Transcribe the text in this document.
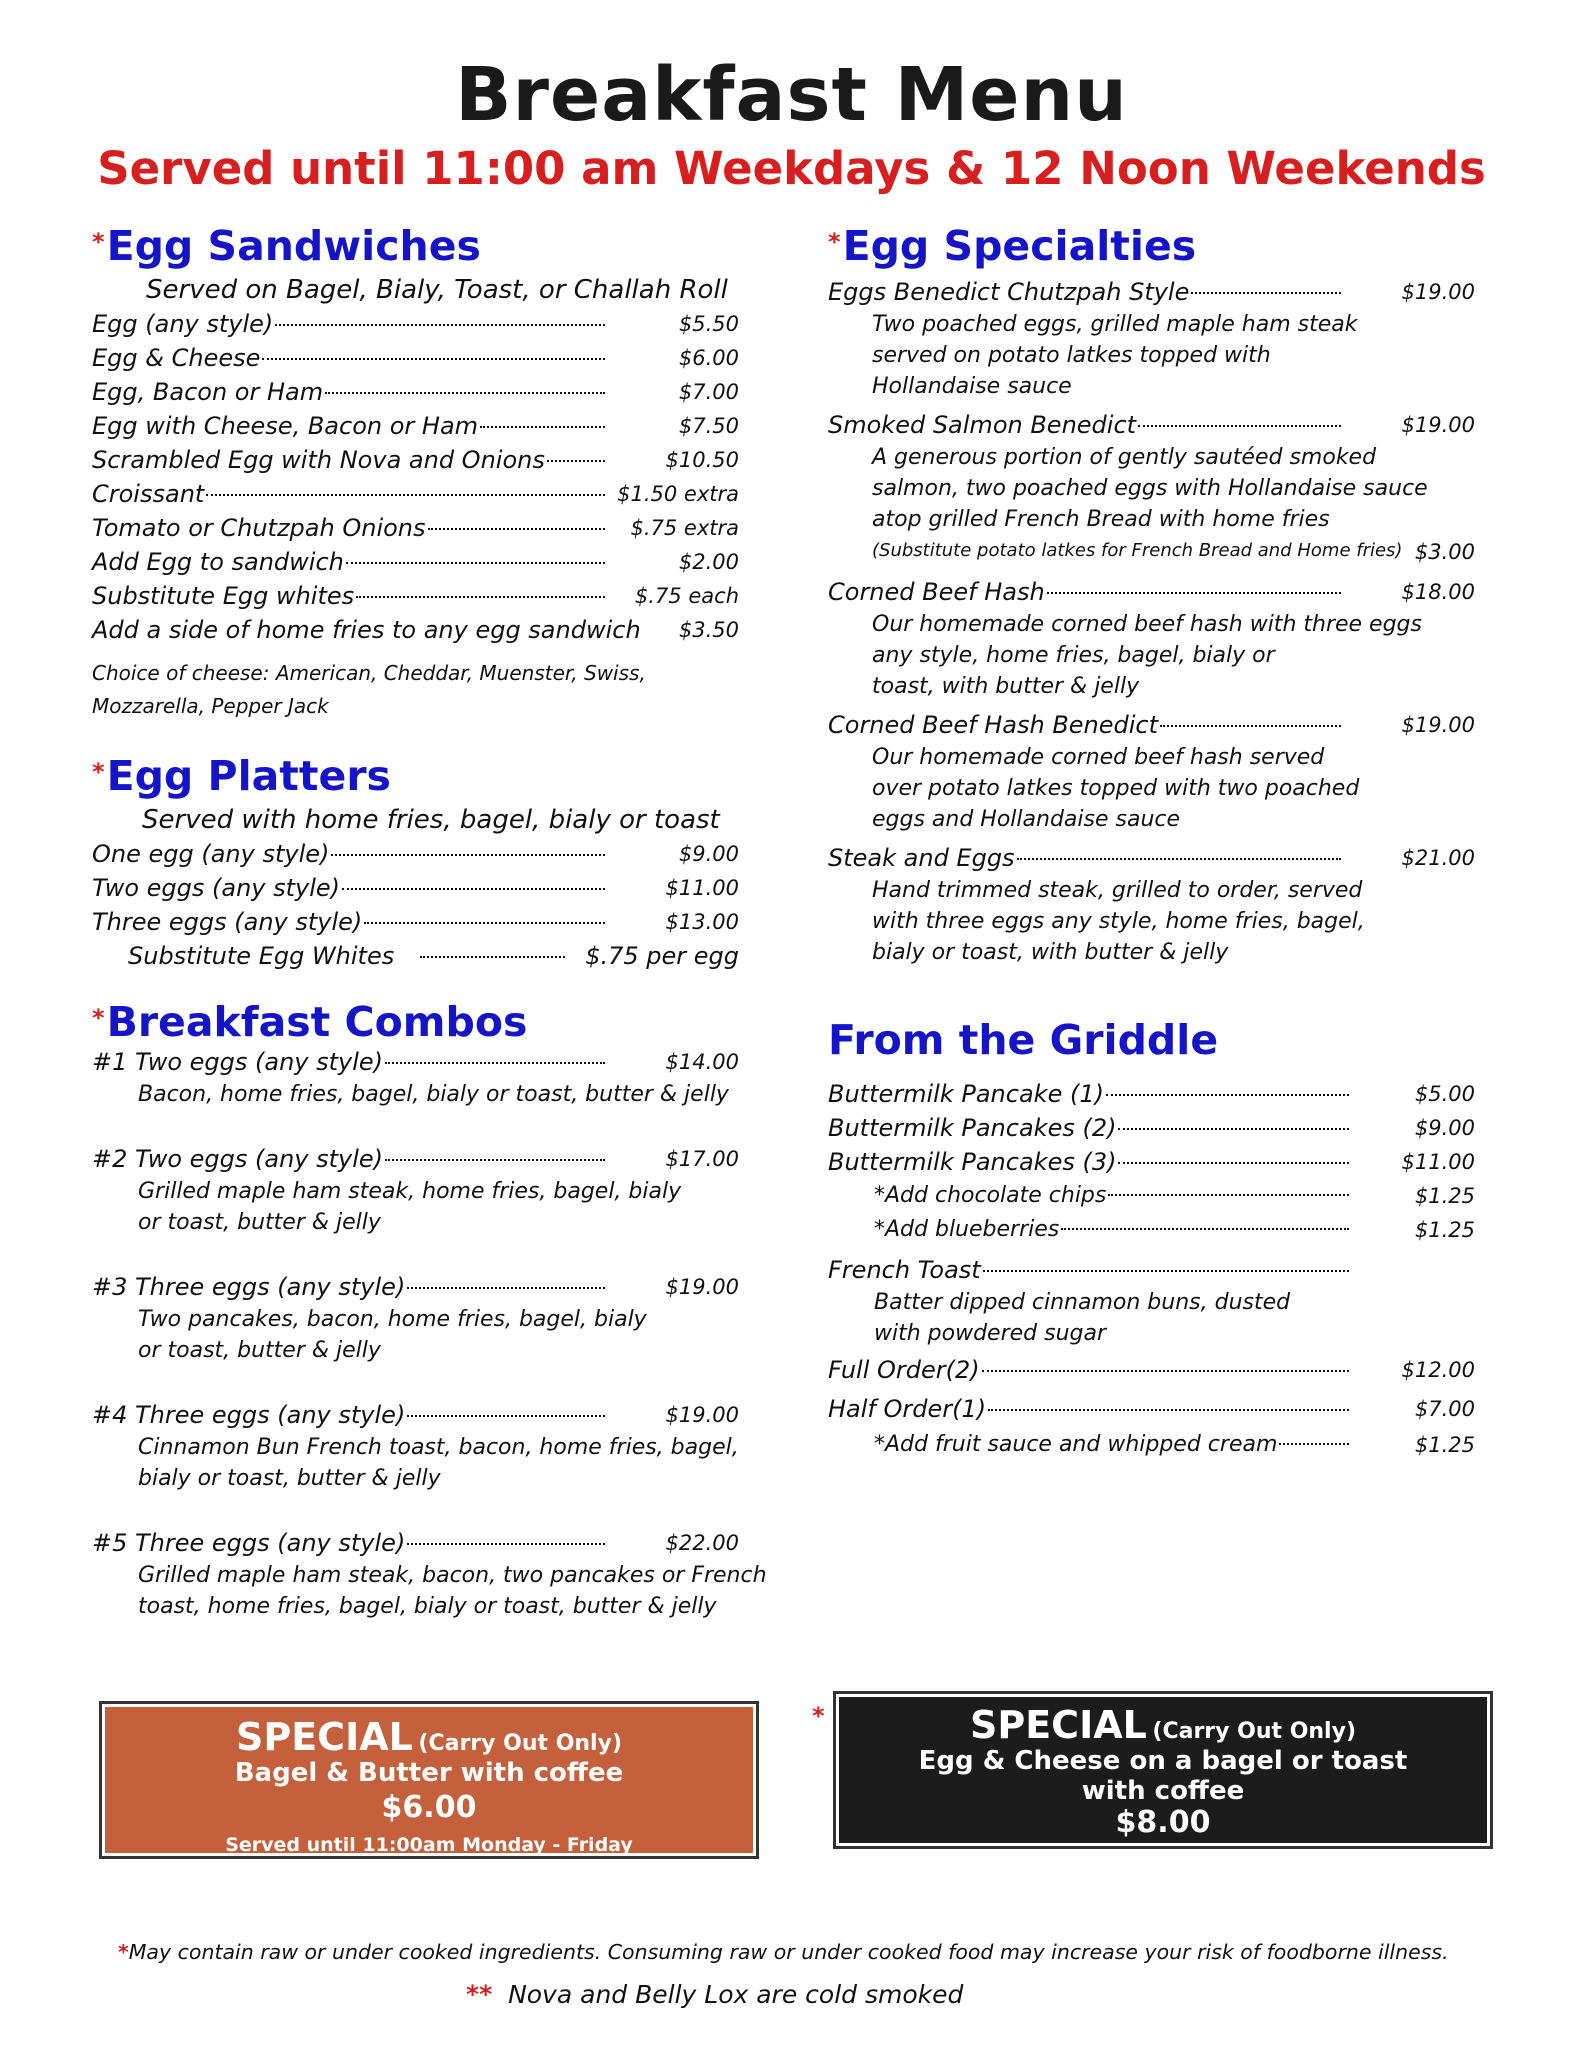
Breakfast Menu
Served until 11:00 am Weekdays & 12 Noon Weekends
*Egg Sandwiches
Served on Bagel, Bialy, Toast, or Challah Roll
Egg (any style)	$5.50
Egg & Cheese	$6.00
Egg, Bacon or Ham	$7.00
Egg with Cheese, Bacon or Ham	$7.50
Scrambled Egg with Nova and Onions	$10.50
Croissant	$1.50 extra
Tomato or Chutzpah Onions	$.75 extra
Add Egg to sandwich	$2.00
Substitute Egg whites	$.75 each
Add a side of home fries to any egg sandwich $3.50
Choice of cheese: American, Cheddar, Muenster, Swiss,
Mozzarella, Pepper Jack
*Egg Platters
Served with home fries, bagel, bialy or toast
One egg (any style)	$9.00
Two eggs (any style)	$11.00
Three eggs (any style)	$13.00
Substitute Egg Whites	$.75 per egg
*Breakfast Combos
#1 Two eggs (any style)	$14.00
Bacon, home fries, bagel, bialy or toast, butter & jelly
#2 Two eggs (any style)	$17.00
Grilled maple ham steak, home fries, bagel, bialy
or toast, butter & jelly
#3 Three eggs (any style)	$19.00
Two pancakes, bacon, home fries, bagel, bialy
or toast, butter & jelly
#4 Three eggs (any style)	$19.00
Cinnamon Bun French toast, bacon, home fries, bagel,
bialy or toast, butter & jelly
#5 Three eggs (any style)	$22.00
Grilled maple ham steak, bacon, two pancakes or French
toast, home fries, bagel, bialy or toast, butter & jelly
*Egg Specialties
Eggs Benedict Chutzpah Style	$19.00
Two poached eggs, grilled maple ham steak
served on potato latkes topped with
Hollandaise sauce
Smoked Salmon Benedict	$19.00
A generous portion of gently sautéed smoked
salmon, two poached eggs with Hollandaise sauce
atop grilled French Bread with home fries
(Substitute potato latkes for French Bread and Home fries) $3.00
Corned Beef Hash	$18.00
Our homemade corned beef hash with three eggs
any style, home fries, bagel, bialy or
toast, with butter & jelly
Corned Beef Hash Benedict	$19.00
Our homemade corned beef hash served
over potato latkes topped with two poached
eggs and Hollandaise sauce
Steak and Eggs	$21.00
Hand trimmed steak, grilled to order, served
with three eggs any style, home fries, bagel,
bialy or toast, with butter & jelly
From the Griddle
Buttermilk Pancake (1)	$5.00
Buttermilk Pancakes (2)	$9.00
Buttermilk Pancakes (3)	$11.00
*Add chocolate chips	$1.25
*Add blueberries	$1.25
French Toast
Batter dipped cinnamon buns, dusted
with powdered sugar
Full Order(2)	$12.00
Half Order(1)	$7.00
*Add fruit sauce and whipped cream	$1.25
SPECIAL (Carry Out Only)
Bagel & Butter with coffee
$6.00
Served until 11:00am Monday - Friday
*	SPECIAL (Carry Out Only)
Egg & Cheese on a bagel or toast
with coffee
$8.00
Served until 11:00am Monday - Friday
*May contain raw or under cooked ingredients. Consuming raw or under cooked food may increase your risk of foodborne illness.
** Nova and Belly Lox are cold smoked
